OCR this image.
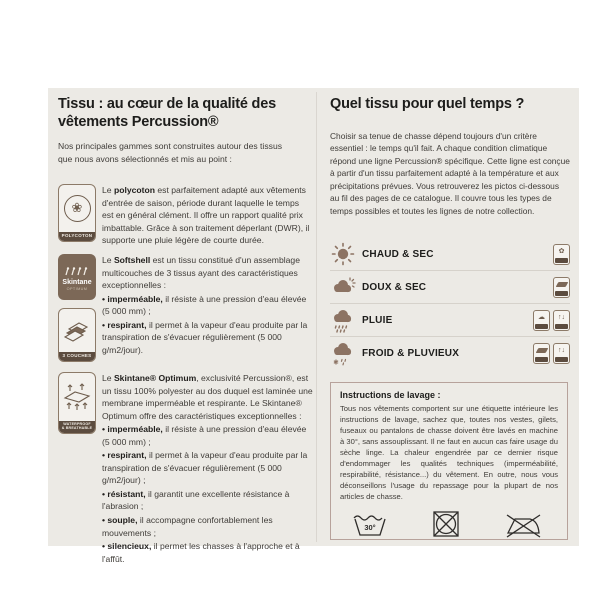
Tissu : au cœur de la qualité des vêtements Percussion®
Nos principales gammes sont construites autour des tissus que nous avons sélectionnés et mis au point :
❀
POLYCOTON
Skintane
OPTIMUM
3 COUCHES
WATERPROOF
& BREATHABLE
Le polycoton est parfaitement adapté aux vêtements d'entrée de saison, période durant laquelle le temps est en général clément. Il offre un rapport qualité prix imbattable. Grâce à son traitement déperlant (DWR), il supporte une pluie légère de courte durée.
Le Softshell est un tissu constitué d'un assemblage multicouches de 3 tissus ayant des caractéristiques exceptionnelles :
• imperméable, il résiste à une pression d'eau élevée (5 000 mm) ;
• respirant, il permet à la vapeur d'eau produite par la transpiration de s'évacuer régulièrement (5 000 g/m2/jour).
Le Skintane® Optimum, exclusivité Percussion®, est un tissu 100% polyester au dos duquel est laminée une membrane imperméable et respirante. Le Skintane® Optimum offre des caractéristiques exceptionnelles :
• imperméable, il résiste à une pression d'eau élevée (5 000 mm) ;
• respirant, il permet à la vapeur d'eau produite par la transpiration de s'évacuer régulièrement (5 000 g/m2/jour) ;
• résistant, il garantit une excellente résistance à l'abrasion ;
• souple, il accompagne confortablement les mouvements ;
• silencieux, il permet les chasses à l'approche et à l'affût.
Quel tissu pour quel temps ?
Choisir sa tenue de chasse dépend toujours d'un critère essentiel : le temps qu'il fait. A chaque condition climatique répond une ligne Percussion® spécifique. Cette ligne est conçue à partir d'un tissu parfaitement adapté à la température et aux précipitations prévues. Vous retrouverez les pictos ci-dessous au fil des pages de ce catalogue. Il couvre tous les types de temps possibles et toutes les lignes de notre collection.
CHAUD & SEC	✿
DOUX & SEC
PLUIE	☁ ↑↓
FROID & PLUVIEUX	↑↓
Instructions de lavage :
Tous nos vêtements comportent sur une étiquette intérieure les instructions de lavage, sachez que, toutes nos vestes, gilets, fuseaux ou pantalons de chasse doivent être lavés en machine à 30°, sans assouplissant. Il ne faut en aucun cas faire usage du sèche linge. La chaleur engendrée par ce dernier risque d'endommager les qualités techniques (imperméabilité, respirabilité, résistance...) du vêtement. En outre, nous vous déconseillons l'usage du repassage pour la plupart de nos articles de chasse.
30°
